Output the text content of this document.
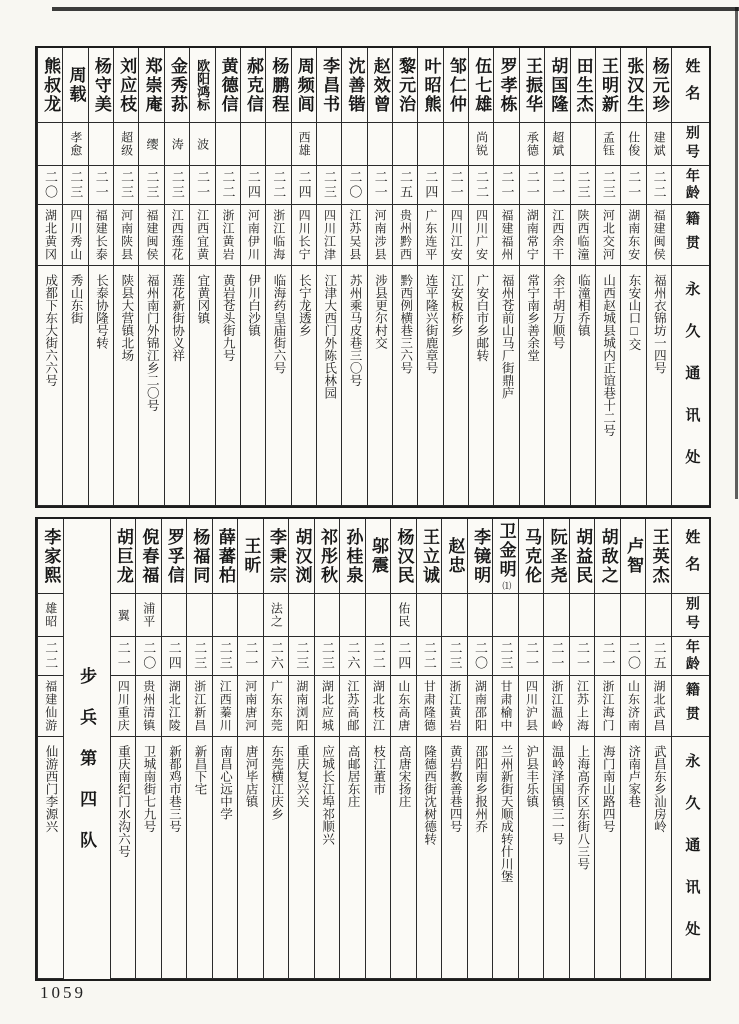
姓名
别号
年龄
籍贯
永久通讯处
杨元珍
建斌
二二
福建闽侯
福州衣锦坊一四号
张汉生
仕俊
二一
湖南东安
东安山口□交
王明新
孟钰
二三
河北交河
山西赵城县城内正谊巷十二号
田生杰
二三
陕西临潼
临潼相乔镇
胡国隆
超斌
二一
江西余干
余干胡万顺号
王振华
承德
二一
湖南常宁
常宁南乡善余堂
罗孝栋
二一
福建福州
福州苍前山马厂街鼎庐
伍七雄
尚锐
二二
四川广安
广安白市乡邮转
邹仁仲
二一
四川江安
江安板桥乡
叶昭熊
二四
广东连平
连平隆兴街鹿章号
黎元治
二五
贵州黔西
黔西例横巷三六号
赵效曾
二一
河南涉县
涉县更尔村交
沈善锴
二〇
江苏吴县
苏州乘马皮巷三〇号
李昌书
二三
四川江津
江津大西门外陈氏林园
周频闾
西雄
二四
四川长宁
长宁龙透乡
杨鹏程
二二
浙江临海
临海药皇庙街六号
郝克信
二四
河南伊川
伊川白沙镇
黄德信
二二
浙江黄岩
黄岩苍头街九号
欧阳鸿标
波
二一
江西宜黄
宜黄冈镇
金秀荪
涛
二三
江西莲花
莲花新街协义祥
郑崇庵
缨
二三
福建闽侯
福州南门外锦江乡二〇号
刘应枝
超级
二三
河南陕县
陕县大营镇北场
杨守美
二一
福建长泰
长泰协隆号转
周载
孝愈
二三
四川秀山
秀山东街
熊叔龙
二〇
湖北黄冈
成都下东大街六六号
姓名
别号
年龄
籍贯
永久通讯处
王英杰
二五
湖北武昌
武昌东乡汕房岭
卢智
二〇
山东济南
济南卢家巷
胡敌之
二一
浙江海门
海门南山路四号
胡益民
二一
江苏上海
上海高乔区东街八三号
阮圣尧
二一
浙江温岭
温岭泽国镇三一号
马克伦
二一
四川沪县
沪县丰乐镇
卫金明
⑴
二三
甘肃榆中
兰州新街天顺成转什川堡
李镜明
二〇
湖南邵阳
邵阳南乡报州乔
赵忠
二三
浙江黄岩
黄岩教善巷四号
王立诚
二二
甘肃隆德
隆德西街沈树德转
杨汉民
佑民
二四
山东高唐
高唐宋扬庄
邬震
二二
湖北枝江
枝江董市
孙桂泉
二六
江苏高邮
高邮居东庄
祁彤秋
二三
湖北应城
应城长江埠祁顺兴
胡汉浏
二三
湖南浏阳
重庆复兴关
李秉宗
法之
二六
广东东莞
东莞横江庆乡
王昕
二一
河南唐河
唐河毕店镇
薛蕃柏
二三
江西蓁川
南昌心远中学
杨福同
二三
浙江新昌
新昌下宅
罗孚信
二四
湖北江陵
新都鸡市巷三号
倪春福
浦平
二〇
贵州清镇
卫城南街七九号
胡巨龙
翼
二一
四川重庆
重庆南纪门水沟六号
步兵第四队
李家熙
雄昭
二二
福建仙游
仙游西门李源兴
1059
